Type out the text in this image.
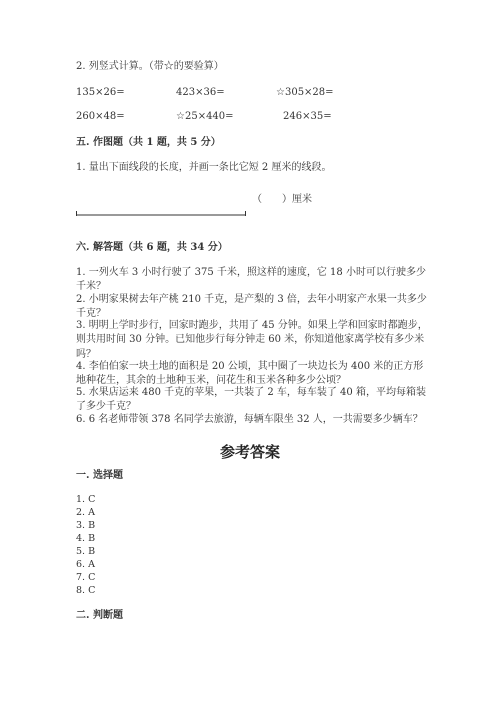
2. 列竖式计算。（带☆的要验算）
135×26=	423×36=	☆305×28=
260×48=	☆25×440=	246×35=
五. 作图题（共 1 题，共 5 分）
1. 量出下面线段的长度，并画一条比它短 2 厘米的线段。
（　　）厘米
六. 解答题（共 6 题，共 34 分）
1. 一列火车 3 小时行驶了 375 千米，照这样的速度，它 18 小时可以行驶多少千米？
2. 小明家果树去年产桃 210 千克，是产梨的 3 倍，去年小明家产水果一共多少千克？
3. 明明上学时步行，回家时跑步，共用了 45 分钟。如果上学和回家时都跑步，则共用时间 30 分钟。已知他步行每分钟走 60 米，你知道他家离学校有多少米吗？
4. 李伯伯家一块土地的面积是 20 公顷，其中圈了一块边长为 400 米的正方形地种花生，其余的土地种玉米，问花生和玉米各种多少公顷？
5. 水果店运来 480 千克的苹果，一共装了 2 车，每车装了 40 箱，平均每箱装了多少千克？
6. 6 名老师带领 378 名同学去旅游，每辆车限坐 32 人，一共需要多少辆车？
参考答案
一. 选择题
1. C
2. A
3. B
4. B
5. B
6. A
7. C
8. C
二. 判断题
